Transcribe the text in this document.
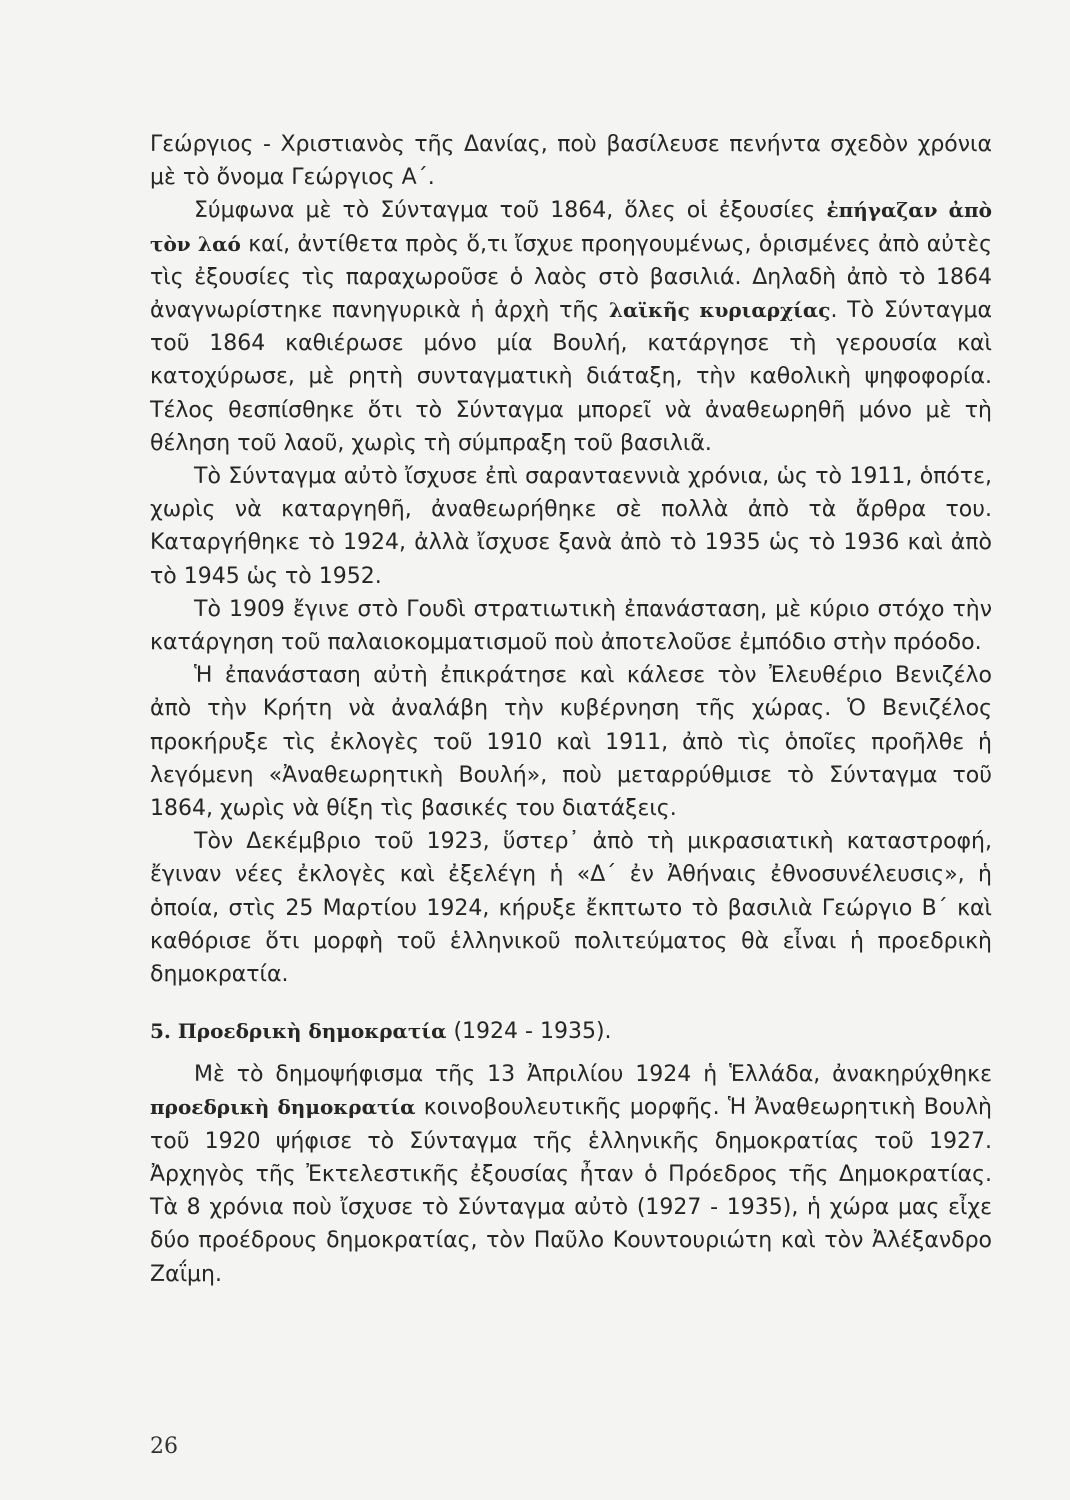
Γεώργιος - Χριστιανὸς τῆς Δανίας, ποὺ βασίλευσε πενήντα σχεδὸν χρόνια μὲ τὸ ὄνομα Γεώργιος Α΄.

Σύμφωνα μὲ τὸ Σύνταγμα τοῦ 1864, ὅλες οἱ ἐξουσίες ἐπήγαζαν ἀπὸ τὸν λαό καί, ἀντίθετα πρὸς ὅ,τι ἴσχυε προηγουμένως, ὁρισμένες ἀπὸ αὐτὲς τὶς ἐξουσίες τὶς παραχωροῦσε ὁ λαὸς στὸ βασιλιά. Δηλαδὴ ἀπὸ τὸ 1864 ἀναγνωρίστηκε πανηγυρικὰ ἡ ἀρχὴ τῆς λαϊκῆς κυριαρχίας. Τὸ Σύνταγμα τοῦ 1864 καθιέρωσε μόνο μία Βουλή, κατάργησε τὴ γερουσία καὶ κατοχύρωσε, μὲ ρητὴ συνταγματικὴ διάταξη, τὴν καθολικὴ ψηφοφορία. Τέλος θεσπίσθηκε ὅτι τὸ Σύνταγμα μπορεῖ νὰ ἀναθεωρηθῆ μόνο μὲ τὴ θέληση τοῦ λαοῦ, χωρὶς τὴ σύμπραξη τοῦ βασιλιᾶ.

Τὸ Σύνταγμα αὐτὸ ἴσχυσε ἐπὶ σαρανταεννιὰ χρόνια, ὡς τὸ 1911, ὁπότε, χωρὶς νὰ καταργηθῆ, ἀναθεωρήθηκε σὲ πολλὰ ἀπὸ τὰ ἄρθρα του. Καταργήθηκε τὸ 1924, ἀλλὰ ἴσχυσε ξανὰ ἀπὸ τὸ 1935 ὡς τὸ 1936 καὶ ἀπὸ τὸ 1945 ὡς τὸ 1952.

Τὸ 1909 ἔγινε στὸ Γουδὶ στρατιωτικὴ ἐπανάσταση, μὲ κύριο στόχο τὴν κατάργηση τοῦ παλαιοκομματισμοῦ ποὺ ἀποτελοῦσε ἐμπόδιο στὴν πρόοδο.

Ἡ ἐπανάσταση αὐτὴ ἐπικράτησε καὶ κάλεσε τὸν Ἐλευθέριο Βενιζέλο ἀπὸ τὴν Κρήτη νὰ ἀναλάβη τὴν κυβέρνηση τῆς χώρας. Ὁ Βενιζέλος προκήρυξε τὶς ἐκλογὲς τοῦ 1910 καὶ 1911, ἀπὸ τὶς ὁποῖες προῆλθε ἡ λεγόμενη «Ἀναθεωρητικὴ Βουλή», ποὺ μεταρρύθμισε τὸ Σύνταγμα τοῦ 1864, χωρὶς νὰ θίξη τὶς βασικές του διατάξεις.

Τὸν Δεκέμβριο τοῦ 1923, ὕστερ᾿ ἀπὸ τὴ μικρασιατικὴ καταστροφή, ἔγιναν νέες ἐκλογὲς καὶ ἐξελέγη ἡ «Δ΄ ἐν Ἀθήναις ἐθνοσυνέλευσις», ἡ ὁποία, στὶς 25 Μαρτίου 1924, κήρυξε ἔκπτωτο τὸ βασιλιὰ Γεώργιο Β΄ καὶ καθόρισε ὅτι μορφὴ τοῦ ἑλληνικοῦ πολιτεύματος θὰ εἶναι ἡ προεδρικὴ δημοκρατία.

5. Προεδρικὴ δημοκρατία (1924 - 1935).

Μὲ τὸ δημοψήφισμα τῆς 13 Ἀπριλίου 1924 ἡ Ἑλλάδα, ἀνακηρύχθηκε προεδρικὴ δημοκρατία κοινοβουλευτικῆς μορφῆς. Ἡ Ἀναθεωρητικὴ Βουλὴ τοῦ 1920 ψήφισε τὸ Σύνταγμα τῆς ἑλληνικῆς δημοκρατίας τοῦ 1927. Ἀρχηγὸς τῆς Ἐκτελεστικῆς ἐξουσίας ἦταν ὁ Πρόεδρος τῆς Δημοκρατίας. Τὰ 8 χρόνια ποὺ ἴσχυσε τὸ Σύνταγμα αὐτὸ (1927 - 1935), ἡ χώρα μας εἶχε δύο προέδρους δημοκρατίας, τὸν Παῦλο Κουντουριώτη καὶ τὸν Ἀλέξανδρο Ζαΐμη.

26
